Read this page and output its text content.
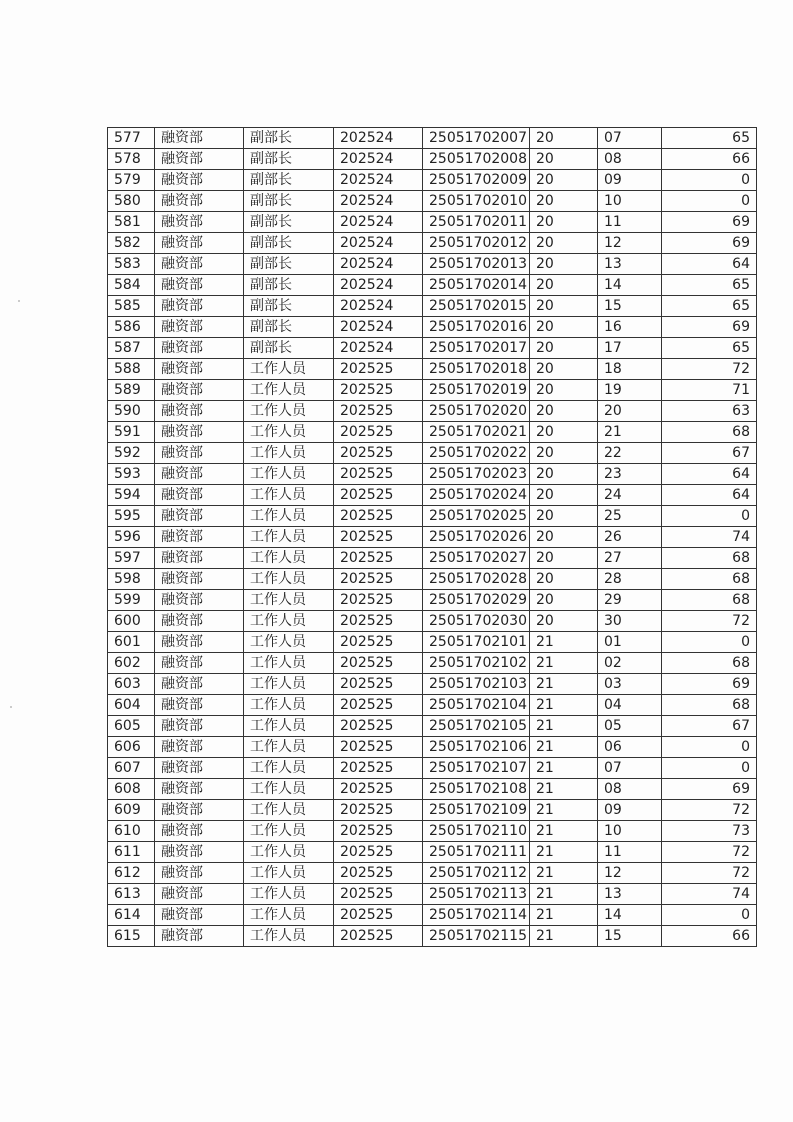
577	融资部	副部长	202524	25051702007	20	07	65
578	融资部	副部长	202524	25051702008	20	08	66
579	融资部	副部长	202524	25051702009	20	09	0
580	融资部	副部长	202524	25051702010	20	10	0
581	融资部	副部长	202524	25051702011	20	11	69
582	融资部	副部长	202524	25051702012	20	12	69
583	融资部	副部长	202524	25051702013	20	13	64
584	融资部	副部长	202524	25051702014	20	14	65
585	融资部	副部长	202524	25051702015	20	15	65
586	融资部	副部长	202524	25051702016	20	16	69
587	融资部	副部长	202524	25051702017	20	17	65
588	融资部	工作人员	202525	25051702018	20	18	72
589	融资部	工作人员	202525	25051702019	20	19	71
590	融资部	工作人员	202525	25051702020	20	20	63
591	融资部	工作人员	202525	25051702021	20	21	68
592	融资部	工作人员	202525	25051702022	20	22	67
593	融资部	工作人员	202525	25051702023	20	23	64
594	融资部	工作人员	202525	25051702024	20	24	64
595	融资部	工作人员	202525	25051702025	20	25	0
596	融资部	工作人员	202525	25051702026	20	26	74
597	融资部	工作人员	202525	25051702027	20	27	68
598	融资部	工作人员	202525	25051702028	20	28	68
599	融资部	工作人员	202525	25051702029	20	29	68
600	融资部	工作人员	202525	25051702030	20	30	72
601	融资部	工作人员	202525	25051702101	21	01	0
602	融资部	工作人员	202525	25051702102	21	02	68
603	融资部	工作人员	202525	25051702103	21	03	69
604	融资部	工作人员	202525	25051702104	21	04	68
605	融资部	工作人员	202525	25051702105	21	05	67
606	融资部	工作人员	202525	25051702106	21	06	0
607	融资部	工作人员	202525	25051702107	21	07	0
608	融资部	工作人员	202525	25051702108	21	08	69
609	融资部	工作人员	202525	25051702109	21	09	72
610	融资部	工作人员	202525	25051702110	21	10	73
611	融资部	工作人员	202525	25051702111	21	11	72
612	融资部	工作人员	202525	25051702112	21	12	72
613	融资部	工作人员	202525	25051702113	21	13	74
614	融资部	工作人员	202525	25051702114	21	14	0
615	融资部	工作人员	202525	25051702115	21	15	66
